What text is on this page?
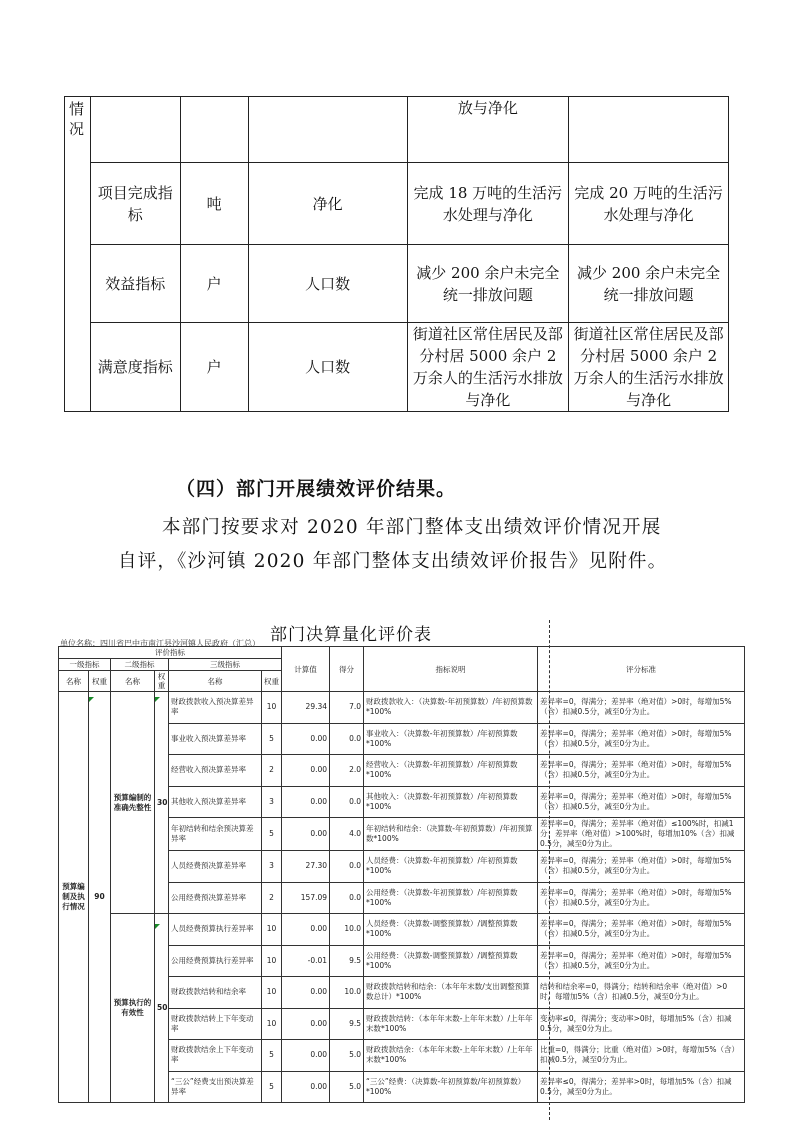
情况				放与净化	
	项目完成指标	吨	净化	完成 18 万吨的生活污水处理与净化	完成 20 万吨的生活污水处理与净化
	效益指标	户	人口数	减少 200 余户未完全统一排放问题	减少 200 余户未完全统一排放问题
	满意度指标	户	人口数	街道社区常住居民及部分村居 5000 余户 2 万余人的生活污水排放与净化	街道社区常住居民及部分村居 5000 余户 2 万余人的生活污水排放与净化
（四）部门开展绩效评价结果。

本部门按要求对 2020 年部门整体支出绩效评价情况开展自评，《沙河镇 2020 年部门整体支出绩效评价报告》见附件。

部门决算量化评价表
单位名称：四川省巴中市南江县沙河镇人民政府（汇总）
评价指标						计算值	得分	指标说明	评分标准
一级指标		二级指标		三级指标					
名称	权重	名称	权重	名称	权重				
预算编制及执行情况	90	预算编制的准确先整性	30	财政拨款收入预决算差异率	10	29.34	7.0	财政拨款收入：（决算数-年初预算数）/年初预算数*100%	差异率=0，得满分；差异率（绝对值）>0时，每增加5%（含）扣减0.5分，减至0分为止。
				事业收入预决算差异率	5	0.00	0.0	事业收入：（决算数-年初预算数）/年初预算数*100%	差异率=0，得满分；差异率（绝对值）>0时，每增加5%（含）扣减0.5分，减至0分为止。
				经营收入预决算差异率	2	0.00	2.0	经营收入：（决算数-年初预算数）/年初预算数*100%	差异率=0，得满分；差异率（绝对值）>0时，每增加5%（含）扣减0.5分，减至0分为止。
				其他收入预决算差异率	3	0.00	0.0	其他收入：（决算数-年初预算数）/年初预算数*100%	差异率=0，得满分；差异率（绝对值）>0时，每增加5%（含）扣减0.5分，减至0分为止。
				年初结转和结余预决算差异率	5	0.00	4.0	年初结转和结余：（决算数-年初预算数）/年初预算数*100%	差异率=0，得满分；差异率（绝对值）≤100%时，扣减1分；差异率（绝对值）>100%时，每增加10%（含）扣减0.5分，减至0分为止。
				人员经费预决算差异率	3	27.30	0.0	人员经费：（决算数-年初预算数）/年初预算数*100%	差异率=0，得满分；差异率（绝对值）>0时，每增加5%（含）扣减0.5分，减至0分为止。
				公用经费预决算差异率	2	157.09	0.0	公用经费：（决算数-年初预算数）/年初预算数*100%	差异率=0，得满分；差异率（绝对值）>0时，每增加5%（含）扣减0.5分，减至0分为止。
		预算执行的有效性	50	人员经费预算执行差异率	10	0.00	10.0	人员经费：（决算数-调整预算数）/调整预算数*100%	差异率=0，得满分；差异率（绝对值）>0时，每增加5%（含）扣减0.5分，减至0分为止。
				公用经费预算执行差异率	10	-0.01	9.5	公用经费：（决算数-调整预算数）/调整预算数*100%	差异率=0，得满分；差异率（绝对值）>0时，每增加5%（含）扣减0.5分，减至0分为止。
				财政拨款结转和结余率	10	0.00	10.0	财政拨款结转和结余：（本年年末数/支出调整预算数总计）*100%	结转和结余率=0，得满分；结转和结余率（绝对值）>0时，每增加5%（含）扣减0.5分，减至0分为止。
				财政拨款结转上下年变动率	10	0.00	9.5	财政拨款结转：（本年年末数-上年年末数）/上年年末数*100%	变动率≤0，得满分；变动率>0时，每增加5%（含）扣减0.5分，减至0分为止。
				财政拨款结余上下年变动率	5	0.00	5.0	财政拨款结余：（本年年末数-上年年末数）/上年年末数*100%	比重=0，得满分；比重（绝对值）>0时，每增加5%（含）扣减0.5分，减至0分为止。
				“三公”经费支出预决算差异率	5	0.00	5.0	“三公”经费：（决算数-年初预算数/年初预算数）*100%	差异率≤0，得满分；差异率>0时，每增加5%（含）扣减0.5分，减至0分为止。
